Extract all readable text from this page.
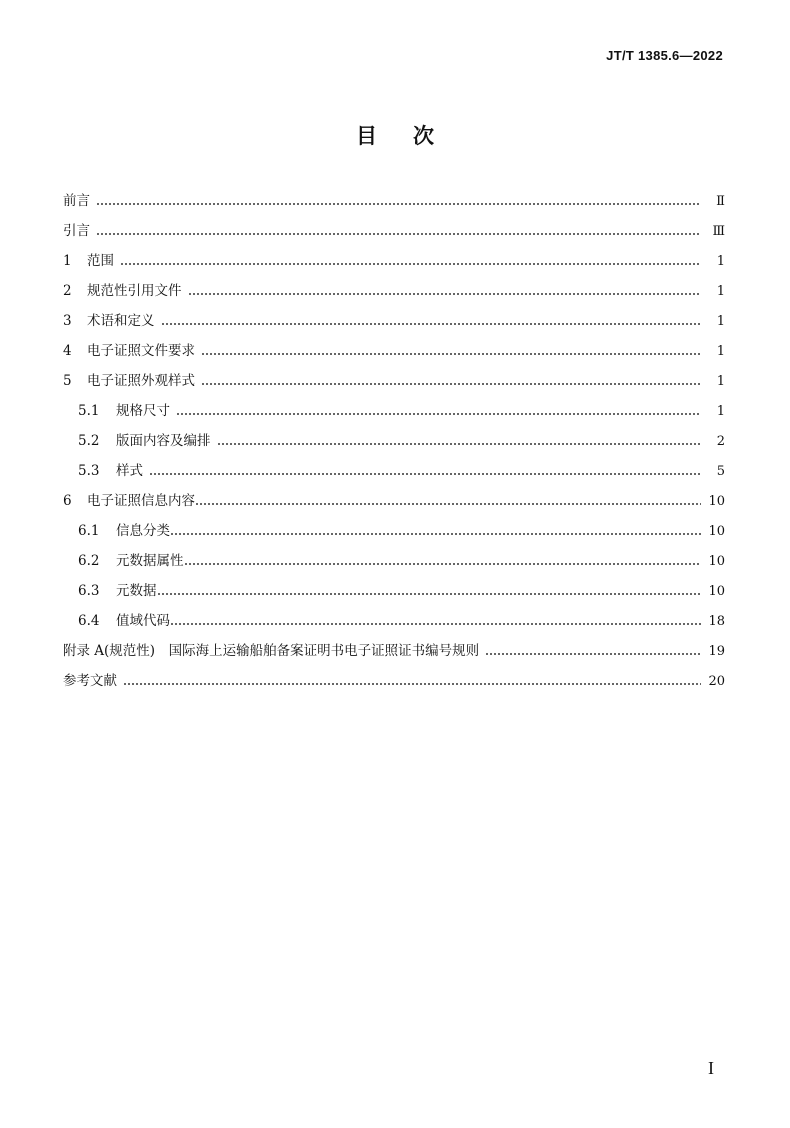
JT/T 1385.6—2022
目次
前言	Ⅱ
引言	Ⅲ
1	范围	1
2	规范性引用文件	1
3	术语和定义	1
4	电子证照文件要求	1
5	电子证照外观样式	1
5.1	规格尺寸	1
5.2	版面内容及编排	2
5.3	样式	5
6	电子证照信息内容	10
6.1	信息分类	10
6.2	元数据属性	10
6.3	元数据	10
6.4	值域代码	18
附录 A(规范性)　国际海上运输船舶备案证明书电子证照证书编号规则	19
参考文献	20
I
